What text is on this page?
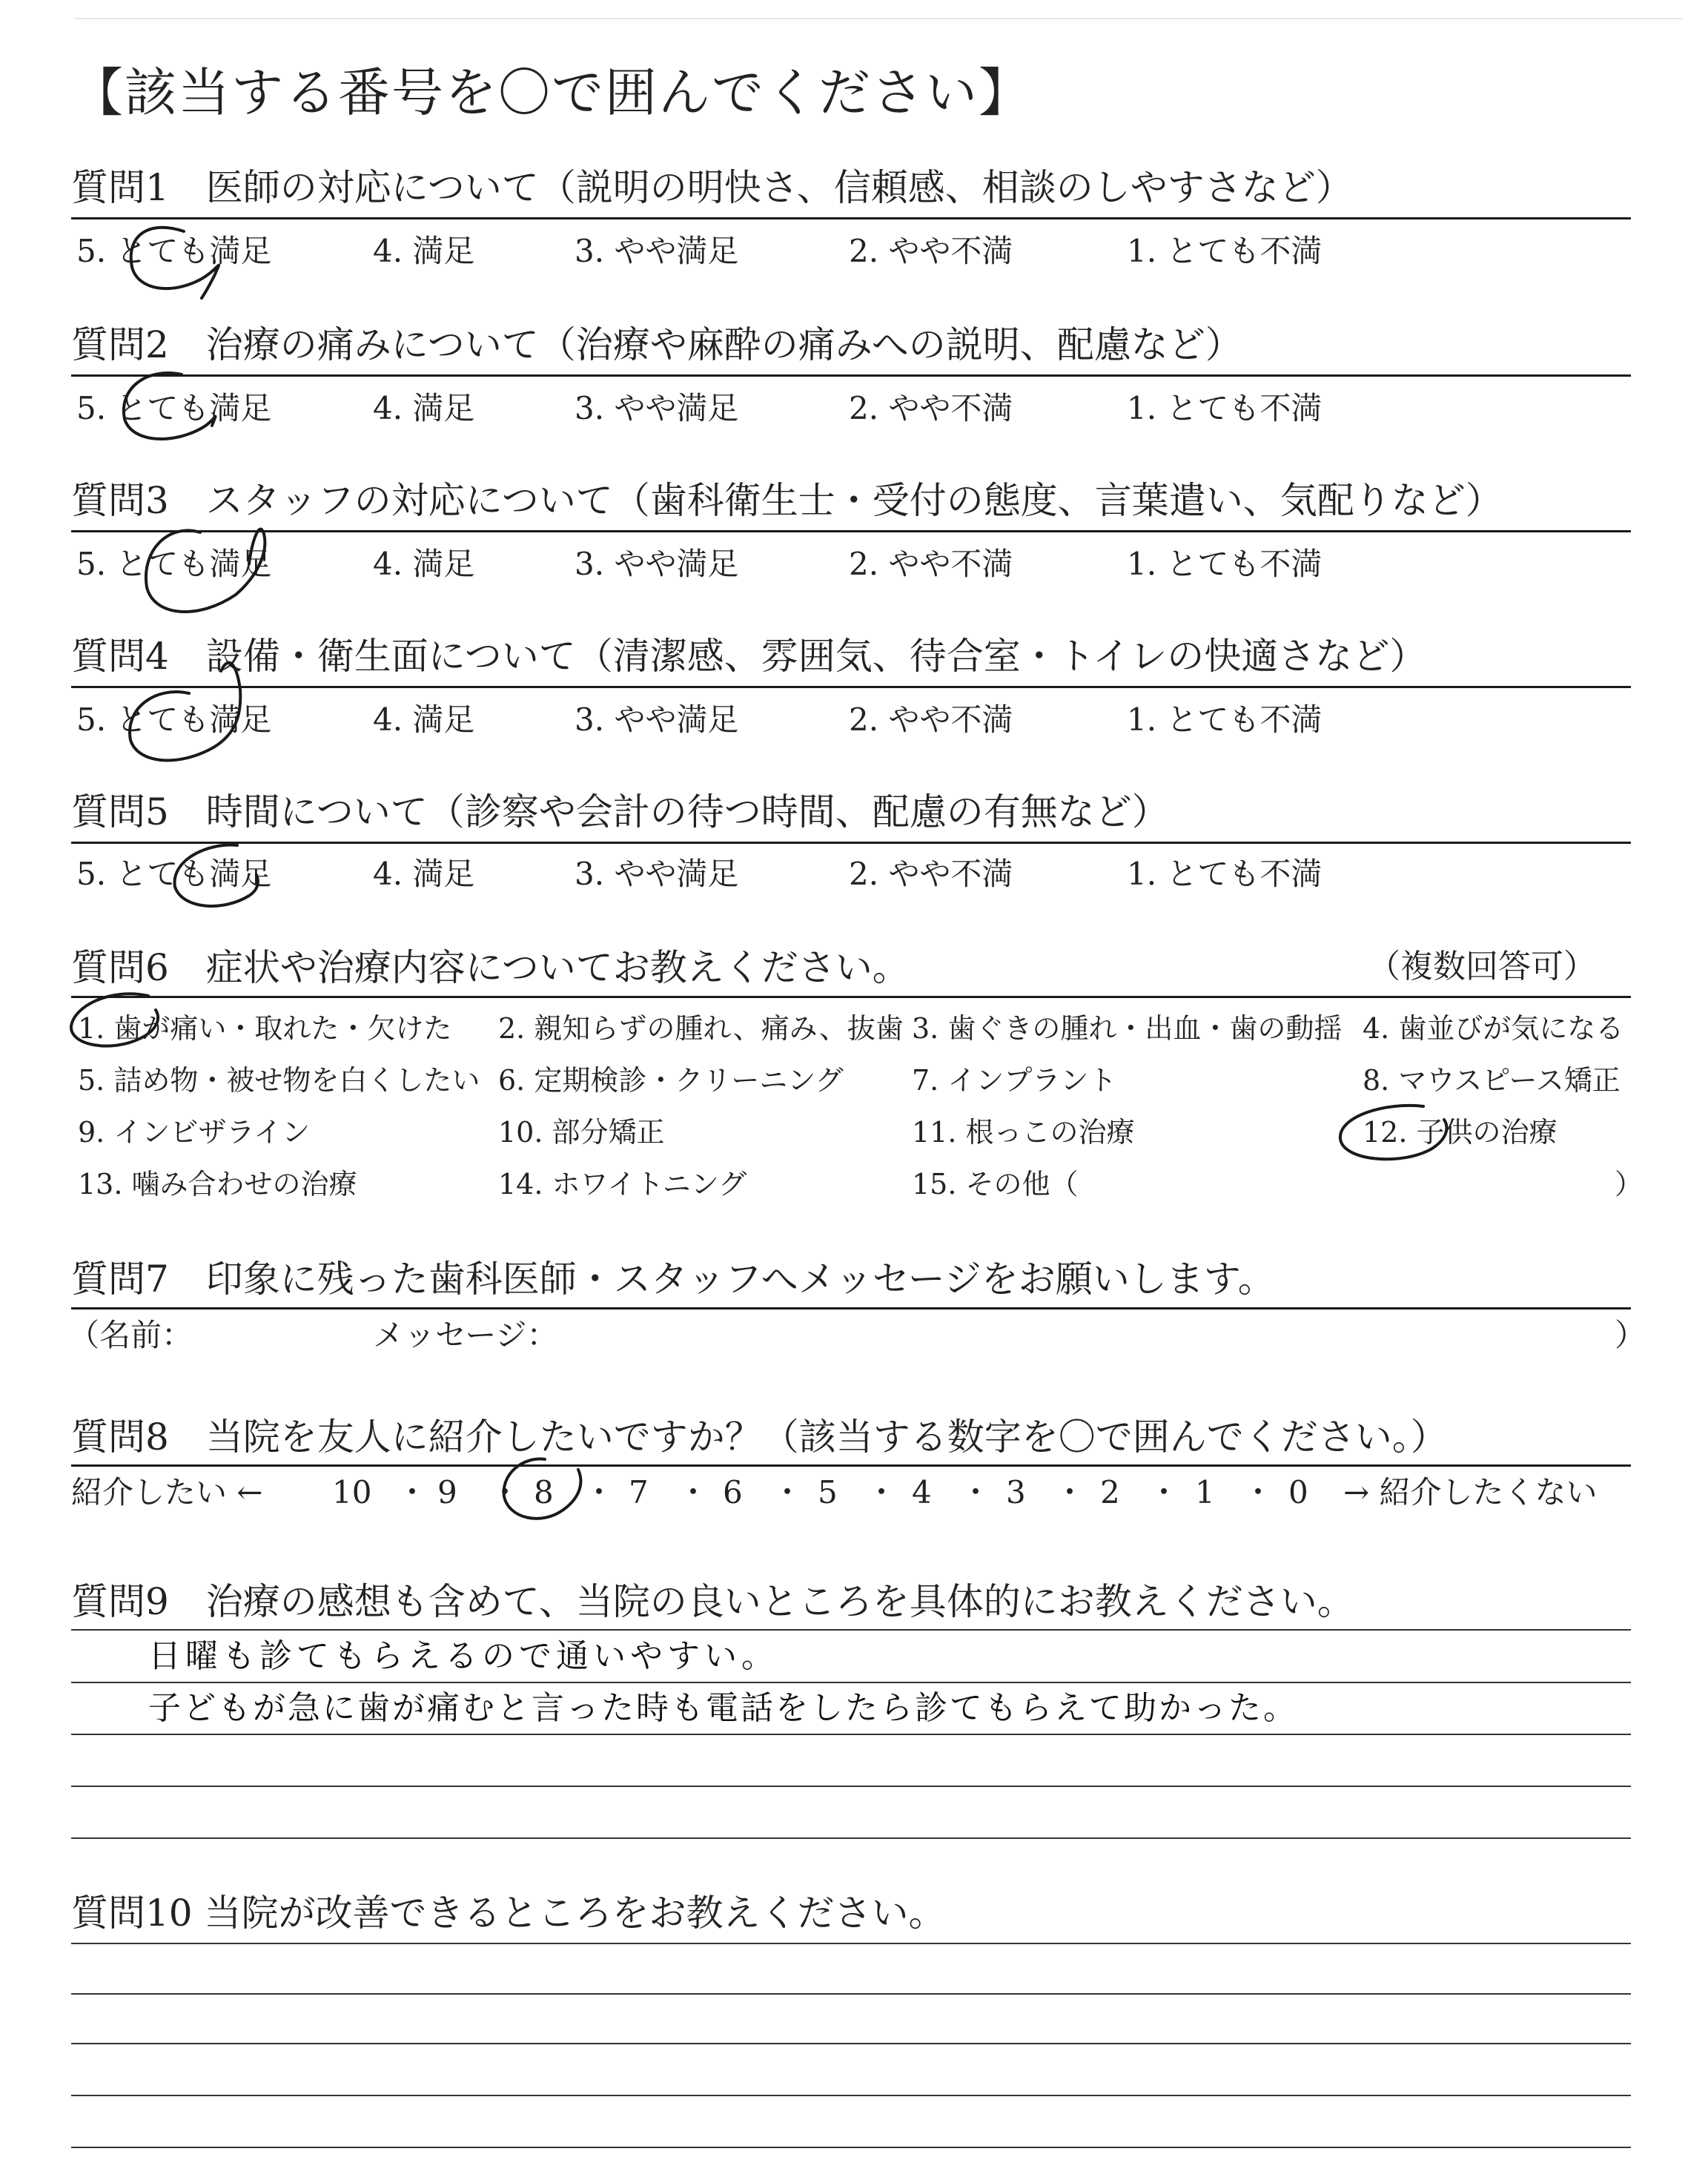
【該当する番号を〇で囲んでください】
質問1　医師の対応について（説明の明快さ、信頼感、相談のしやすさなど）
5. とても満足	4. 満足	3. やや満足	2. やや不満	1. とても不満
質問2　治療の痛みについて（治療や麻酔の痛みへの説明、配慮など）
5. とても満足	4. 満足	3. やや満足	2. やや不満	1. とても不満
質問3　スタッフの対応について（歯科衛生士・受付の態度、言葉遣い、気配りなど）
5. とても満足	4. 満足	3. やや満足	2. やや不満	1. とても不満
質問4　設備・衛生面について（清潔感、雰囲気、待合室・トイレの快適さなど）
5. とても満足	4. 満足	3. やや満足	2. やや不満	1. とても不満
質問5　時間について（診察や会計の待つ時間、配慮の有無など）
5. とても満足	4. 満足	3. やや満足	2. やや不満	1. とても不満
質問6　症状や治療内容についてお教えください。	（複数回答可）
1. 歯が痛い・取れた・欠けた 2. 親知らずの腫れ、痛み、抜歯 3. 歯ぐきの腫れ・出血・歯の動揺 4. 歯並びが気になる
5. 詰め物・被せ物を白くしたい 6. 定期検診・クリーニング 7. インプラント	8. マウスピース矯正
9. インビザライン	10. 部分矯正	11. 根っこの治療	12. 子供の治療
13. 噛み合わせの治療	14. ホワイトニング	15. その他（	）
質問7　印象に残った歯科医師・スタッフへメッセージをお願いします。
（名前：	メッセージ：	）
質問8　当院を友人に紹介したいですか？（該当する数字を〇で囲んでください。）
紹介したい ← 10 9 8 7 6 5 4 3 2 1 0
・ ・ ・ ・ ・ ・ ・ ・ ・ ・ → 紹介したくない
質問9　治療の感想も含めて、当院の良いところを具体的にお教えください。
日曜も診てもらえるので通いやすい。
子どもが急に歯が痛むと言った時も電話をしたら診てもらえて助かった。
質問10 当院が改善できるところをお教えください。
